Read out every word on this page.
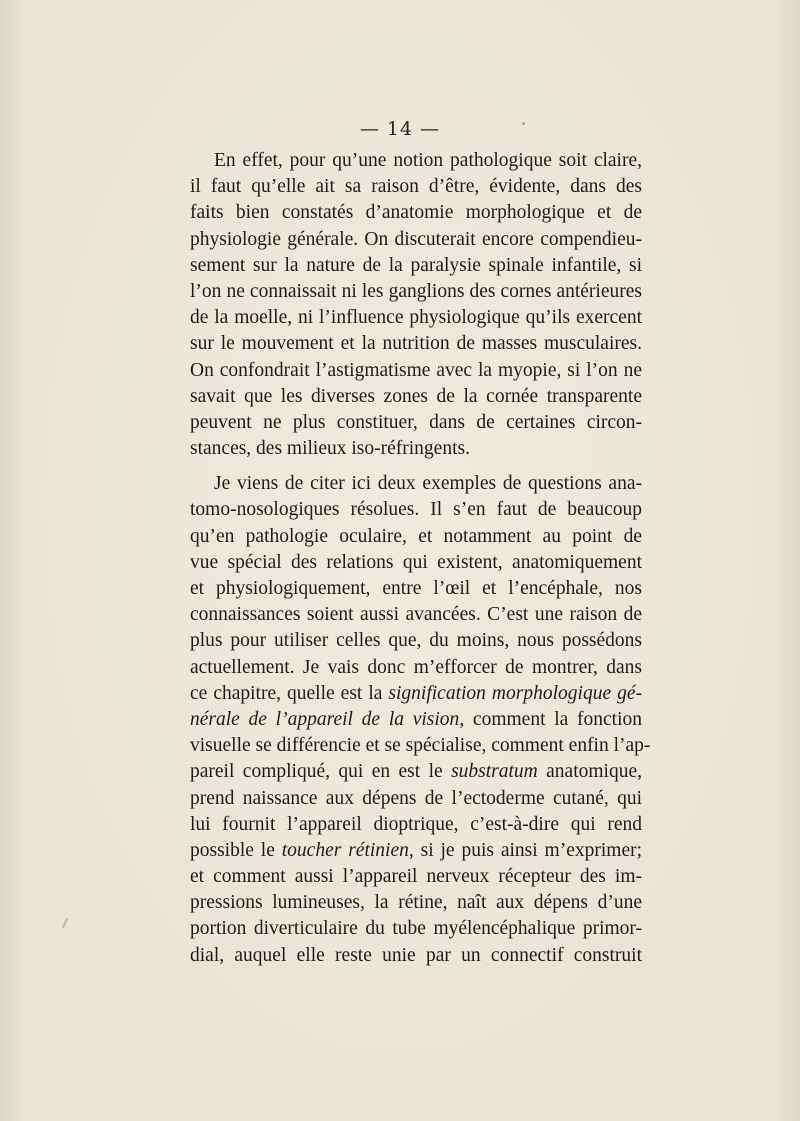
— 14 —
En effet, pour qu’une notion pathologique soit claire,
il faut qu’elle ait sa raison d’être, évidente, dans des
faits bien constatés d’anatomie morphologique et de
physiologie générale. On discuterait encore compendieu-
sement sur la nature de la paralysie spinale infantile, si
l’on ne connaissait ni les ganglions des cornes antérieures
de la moelle, ni l’influence physiologique qu’ils exercent
sur le mouvement et la nutrition de masses musculaires.
On confondrait l’astigmatisme avec la myopie, si l’on ne
savait que les diverses zones de la cornée transparente
peuvent ne plus constituer, dans de certaines circon-
stances, des milieux iso-réfringents.
Je viens de citer ici deux exemples de questions ana-
tomo-nosologiques résolues. Il s’en faut de beaucoup
qu’en pathologie oculaire, et notamment au point de
vue spécial des relations qui existent, anatomiquement
et physiologiquement, entre l’œil et l’encéphale, nos
connaissances soient aussi avancées. C’est une raison de
plus pour utiliser celles que, du moins, nous possédons
actuellement. Je vais donc m’efforcer de montrer, dans
ce chapitre, quelle est la signification morphologique gé-
nérale de l’appareil de la vision, comment la fonction
visuelle se différencie et se spécialise, comment enfin l’ap-
pareil compliqué, qui en est le substratum anatomique,
prend naissance aux dépens de l’ectoderme cutané, qui
lui fournit l’appareil dioptrique, c’est-à-dire qui rend
possible le toucher rétinien, si je puis ainsi m’exprimer;
et comment aussi l’appareil nerveux récepteur des im-
pressions lumineuses, la rétine, naît aux dépens d’une
portion diverticulaire du tube myélencéphalique primor-
dial, auquel elle reste unie par un connectif construit
